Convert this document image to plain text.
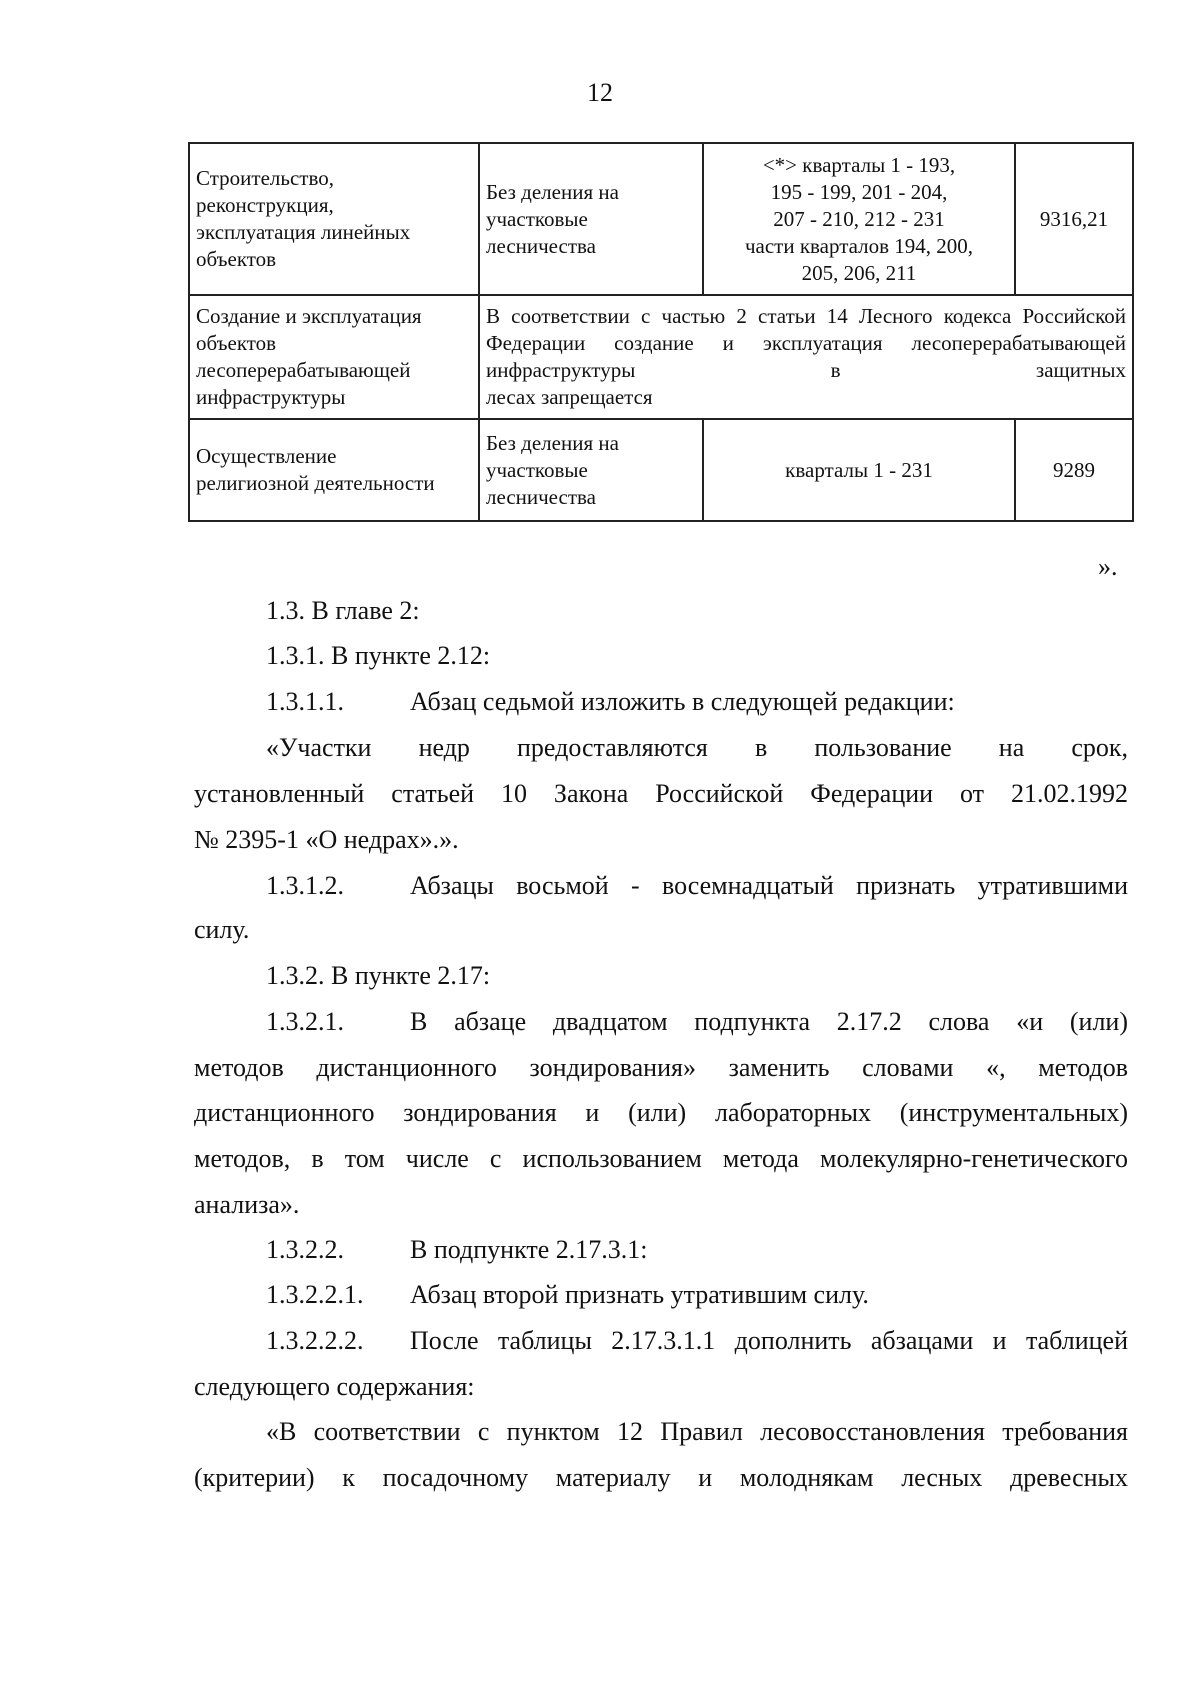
12
Строительство,
реконструкция,
эксплуатация линейных
объектов	Без деления на
участковые
лесничества	<*> кварталы 1 - 193,
195 - 199, 201 - 204,
207 - 210, 212 - 231
части кварталов 194, 200,
205, 206, 211	9316,21

Создание и эксплуатация
объектов
лесоперерабатывающей
инфраструктуры	В соответствии с частью 2 статьи 14 Лесного кодекса Российской Федерации создание и эксплуатация лесоперерабатывающей инфраструктуры в защитных
лесах запрещается		

Осуществление
религиозной деятельности	Без деления на
участковые
лесничества	кварталы 1 - 231	9289
».
1.3. В главе 2:
1.3.1. В пункте 2.12:
1.3.1.1.	Абзац седьмой изложить в следующей редакции:
«Участки недр предоставляются в пользование на срок,
установленный статьей 10 Закона Российской Федерации от 21.02.1992
№ 2395-1 «О недрах».».
1.3.1.2.	Абзацы восьмой - восемнадцатый признать утратившими
силу.
1.3.2. В пункте 2.17:
1.3.2.1.	В абзаце двадцатом подпункта 2.17.2 слова «и (или)
методов дистанционного зондирования» заменить словами «, методов
дистанционного зондирования и (или) лабораторных (инструментальных)
методов, в том числе с использованием метода молекулярно-генетического
анализа».
1.3.2.2.	В подпункте 2.17.3.1:
1.3.2.2.1. Абзац второй признать утратившим силу.
1.3.2.2.2. После таблицы 2.17.3.1.1 дополнить абзацами и таблицей
следующего содержания:
«В соответствии с пунктом 12 Правил лесовосстановления требования
(критерии) к посадочному материалу и молоднякам лесных древесных
